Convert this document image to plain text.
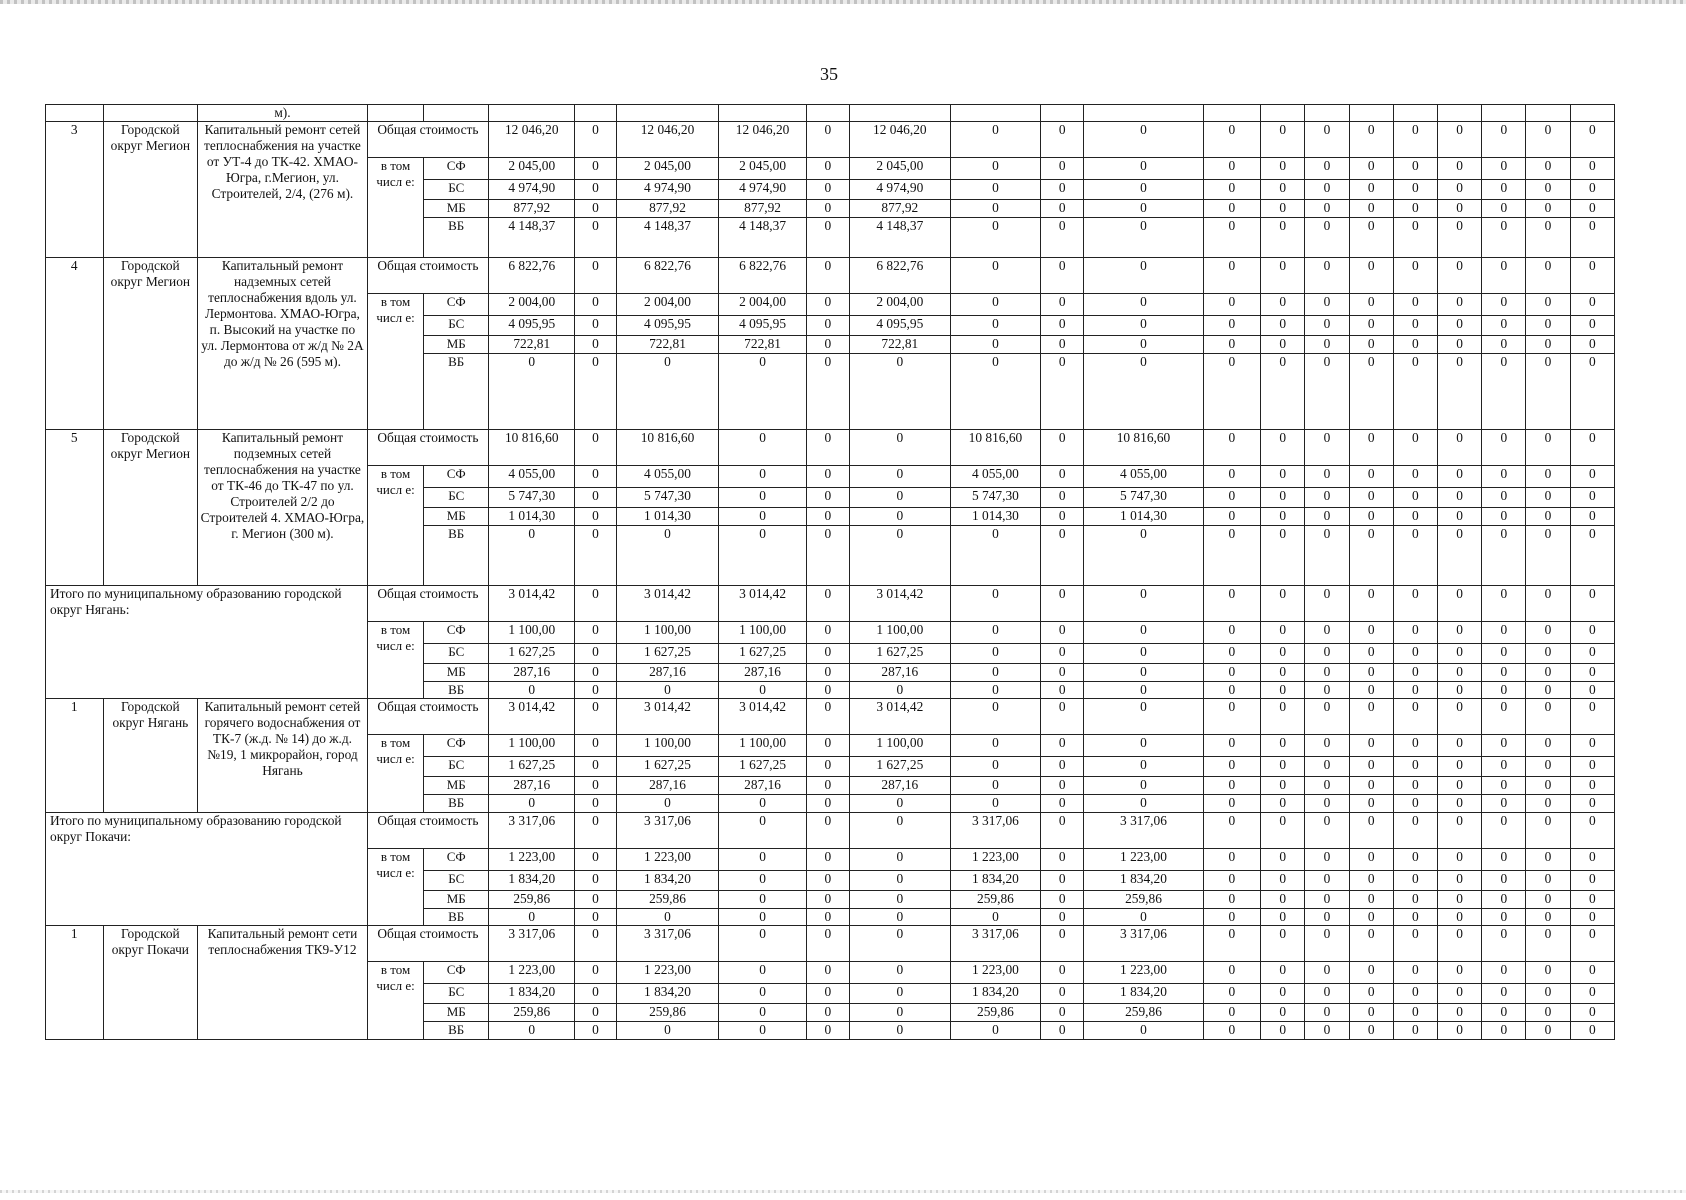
35
		м).																				
3	Городской округ Мегион	Капитальный ремонт сетей теплоснабжения на участке от УТ-4 до ТК-42. ХМАО-Югра, г.Мегион, ул. Строителей, 2/4, (276 м).	Общая стоимость		12 046,20	0	12 046,20	12 046,20	0	12 046,20	0	0	0	0	0	0	0	0	0	0	0	0
			в том числ е:	СФ	2 045,00	0	2 045,00	2 045,00	0	2 045,00	0	0	0	0	0	0	0	0	0	0	0	0
				БС	4 974,90	0	4 974,90	4 974,90	0	4 974,90	0	0	0	0	0	0	0	0	0	0	0	0
				МБ	877,92	0	877,92	877,92	0	877,92	0	0	0	0	0	0	0	0	0	0	0	0
				ВБ	4 148,37	0	4 148,37	4 148,37	0	4 148,37	0	0	0	0	0	0	0	0	0	0	0	0
4	Городской округ Мегион	Капитальный ремонт надземных сетей теплоснабжения вдоль ул. Лермонтова. ХМАО-Югра, п. Высокий на участке по ул. Лермонтова от ж/д № 2А до ж/д № 26 (595 м).	Общая стоимость		6 822,76	0	6 822,76	6 822,76	0	6 822,76	0	0	0	0	0	0	0	0	0	0	0	0
			в том числ е:	СФ	2 004,00	0	2 004,00	2 004,00	0	2 004,00	0	0	0	0	0	0	0	0	0	0	0	0
				БС	4 095,95	0	4 095,95	4 095,95	0	4 095,95	0	0	0	0	0	0	0	0	0	0	0	0
				МБ	722,81	0	722,81	722,81	0	722,81	0	0	0	0	0	0	0	0	0	0	0	0
				ВБ	0	0	0	0	0	0	0	0	0	0	0	0	0	0	0	0	0	0
5	Городской округ Мегион	Капитальный ремонт подземных сетей теплоснабжения на участке от ТК-46 до ТК-47 по ул. Строителей 2/2 до Строителей 4. ХМАО-Югра, г. Мегион (300 м).	Общая стоимость		10 816,60	0	10 816,60	0	0	0	10 816,60	0	10 816,60	0	0	0	0	0	0	0	0	0
			в том числ е:	СФ	4 055,00	0	4 055,00	0	0	0	4 055,00	0	4 055,00	0	0	0	0	0	0	0	0	0
				БС	5 747,30	0	5 747,30	0	0	0	5 747,30	0	5 747,30	0	0	0	0	0	0	0	0	0
				МБ	1 014,30	0	1 014,30	0	0	0	1 014,30	0	1 014,30	0	0	0	0	0	0	0	0	0
				ВБ	0	0	0	0	0	0	0	0	0	0	0	0	0	0	0	0	0	0
Итого по муниципальному образованию городской округ Нягань:			Общая стоимость		3 014,42	0	3 014,42	3 014,42	0	3 014,42	0	0	0	0	0	0	0	0	0	0	0	0
			в том числ е:	СФ	1 100,00	0	1 100,00	1 100,00	0	1 100,00	0	0	0	0	0	0	0	0	0	0	0	0
				БС	1 627,25	0	1 627,25	1 627,25	0	1 627,25	0	0	0	0	0	0	0	0	0	0	0	0
				МБ	287,16	0	287,16	287,16	0	287,16	0	0	0	0	0	0	0	0	0	0	0	0
				ВБ	0	0	0	0	0	0	0	0	0	0	0	0	0	0	0	0	0	0
1	Городской округ Нягань	Капитальный ремонт сетей горячего водоснабжения от ТК-7 (ж.д. № 14) до ж.д. №19, 1 микрорайон, город Нягань	Общая стоимость		3 014,42	0	3 014,42	3 014,42	0	3 014,42	0	0	0	0	0	0	0	0	0	0	0	0
			в том числ е:	СФ	1 100,00	0	1 100,00	1 100,00	0	1 100,00	0	0	0	0	0	0	0	0	0	0	0	0
				БС	1 627,25	0	1 627,25	1 627,25	0	1 627,25	0	0	0	0	0	0	0	0	0	0	0	0
				МБ	287,16	0	287,16	287,16	0	287,16	0	0	0	0	0	0	0	0	0	0	0	0
				ВБ	0	0	0	0	0	0	0	0	0	0	0	0	0	0	0	0	0	0
Итого по муниципальному образованию городской округ Покачи:			Общая стоимость		3 317,06	0	3 317,06	0	0	0	3 317,06	0	3 317,06	0	0	0	0	0	0	0	0	0
			в том числ е:	СФ	1 223,00	0	1 223,00	0	0	0	1 223,00	0	1 223,00	0	0	0	0	0	0	0	0	0
				БС	1 834,20	0	1 834,20	0	0	0	1 834,20	0	1 834,20	0	0	0	0	0	0	0	0	0
				МБ	259,86	0	259,86	0	0	0	259,86	0	259,86	0	0	0	0	0	0	0	0	0
				ВБ	0	0	0	0	0	0	0	0	0	0	0	0	0	0	0	0	0	0
1	Городской округ Покачи	Капитальный ремонт сети теплоснабжения ТК9-У12	Общая стоимость		3 317,06	0	3 317,06	0	0	0	3 317,06	0	3 317,06	0	0	0	0	0	0	0	0	0
			в том числ е:	СФ	1 223,00	0	1 223,00	0	0	0	1 223,00	0	1 223,00	0	0	0	0	0	0	0	0	0
				БС	1 834,20	0	1 834,20	0	0	0	1 834,20	0	1 834,20	0	0	0	0	0	0	0	0	0
				МБ	259,86	0	259,86	0	0	0	259,86	0	259,86	0	0	0	0	0	0	0	0	0
				ВБ	0	0	0	0	0	0	0	0	0	0	0	0	0	0	0	0	0	0
